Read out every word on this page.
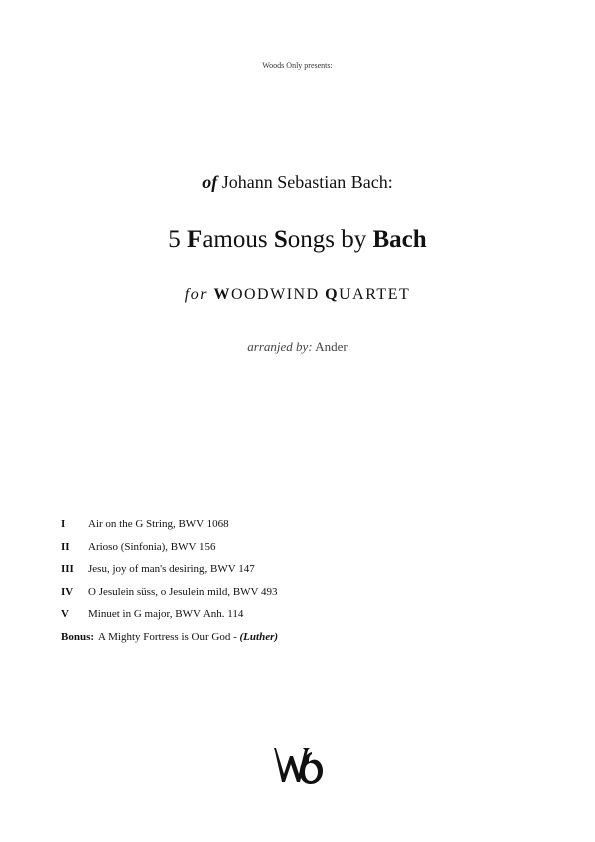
Woods Only presents:
of Johann Sebastian Bach:
5 Famous Songs by Bach
for WOODWIND QUARTET
arranjed by: Ander
I	Air on the G String, BWV 1068
II	Arioso (Sinfonia), BWV 156
III	Jesu, joy of man's desiring, BWV 147
IV	O Jesulein süss, o Jesulein mild, BWV 493
V	Minuet in G major, BWV Anh. 114
Bonus: A Mighty Fortress is Our God -
(Luther)
